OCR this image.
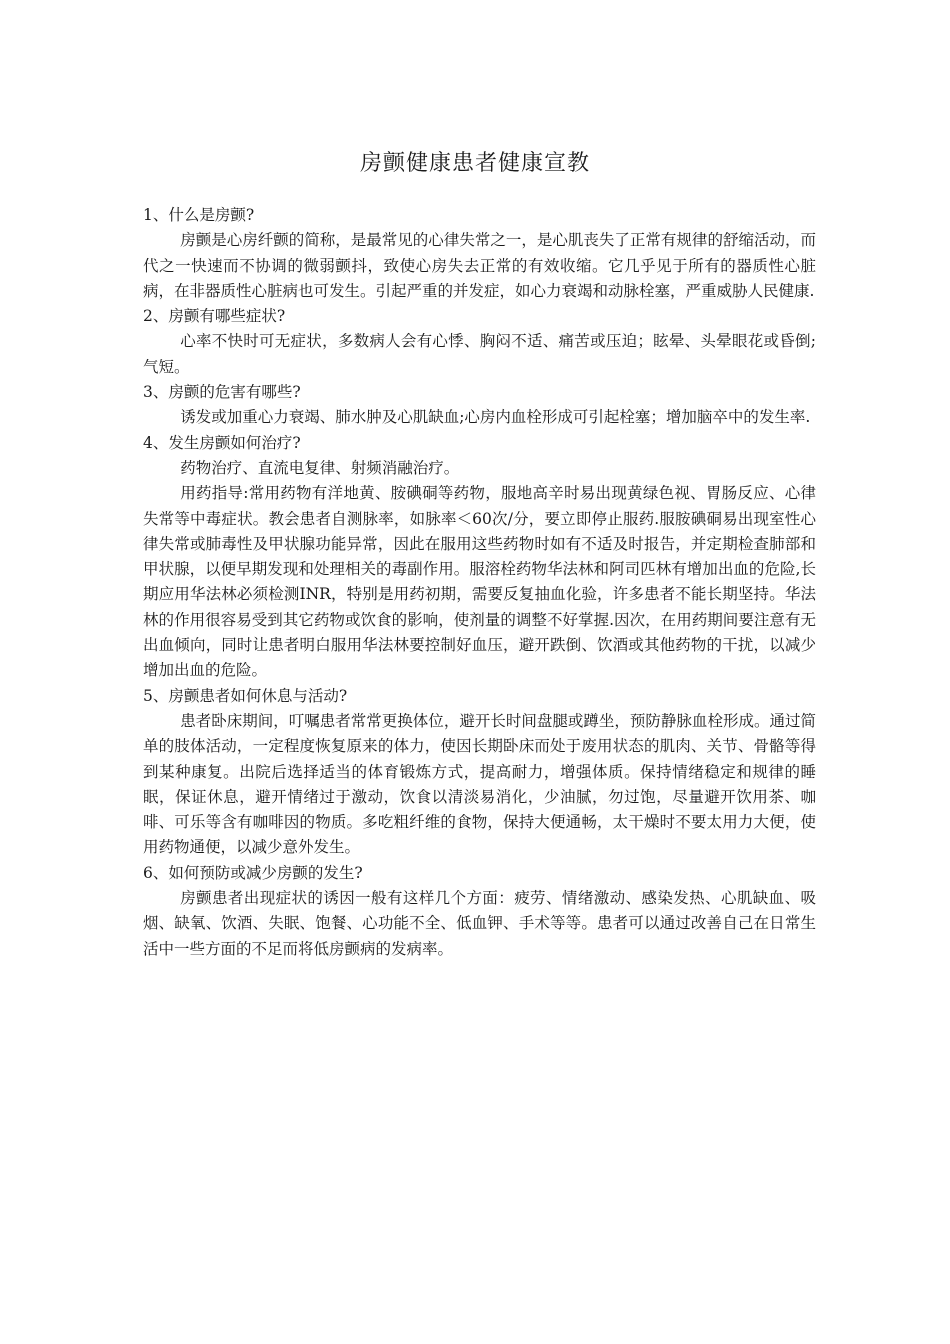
房颤健康患者健康宣教

1、什么是房颤?

房颤是心房纤颤的简称，是最常见的心律失常之一，是心肌丧失了正常有规律的舒缩活动，而代之一快速而不协调的微弱颤抖，致使心房失去正常的有效收缩。它几乎见于所有的器质性心脏病，在非器质性心脏病也可发生。引起严重的并发症，如心力衰竭和动脉栓塞，严重威胁人民健康.

2、房颤有哪些症状?

心率不快时可无症状，多数病人会有心悸、胸闷不适、痛苦或压迫；眩晕、头晕眼花或昏倒;气短。

3、房颤的危害有哪些?

诱发或加重心力衰竭、肺水肿及心肌缺血;心房内血栓形成可引起栓塞；增加脑卒中的发生率.

4、发生房颤如何治疗?

药物治疗、直流电复律、射频消融治疗。

用药指导:常用药物有洋地黄、胺碘硐等药物，服地高辛时易出现黄绿色视、胃肠反应、心律失常等中毒症状。教会患者自测脉率，如脉率＜60次/分，要立即停止服药.服胺碘硐易出现室性心律失常或肺毒性及甲状腺功能异常，因此在服用这些药物时如有不适及时报告，并定期检查肺部和甲状腺，以便早期发现和处理相关的毒副作用。服溶栓药物华法林和阿司匹林有增加出血的危险,长期应用华法林必须检测INR，特别是用药初期，需要反复抽血化验，许多患者不能长期坚持。华法林的作用很容易受到其它药物或饮食的影响，使剂量的调整不好掌握.因次，在用药期间要注意有无出血倾向，同时让患者明白服用华法林要控制好血压，避开跌倒、饮酒或其他药物的干扰，以减少增加出血的危险。

5、房颤患者如何休息与活动?

患者卧床期间，叮嘱患者常常更换体位，避开长时间盘腿或蹲坐，预防静脉血栓形成。通过简单的肢体活动，一定程度恢复原来的体力，使因长期卧床而处于废用状态的肌肉、关节、骨骼等得到某种康复。出院后选择适当的体育锻炼方式，提高耐力，增强体质。保持情绪稳定和规律的睡眠，保证休息，避开情绪过于激动，饮食以清淡易消化，少油腻，勿过饱，尽量避开饮用茶、咖啡、可乐等含有咖啡因的物质。多吃粗纤维的食物，保持大便通畅，太干燥时不要太用力大便，使用药物通便，以减少意外发生。

6、如何预防或减少房颤的发生?

房颤患者出现症状的诱因一般有这样几个方面：疲劳、情绪激动、感染发热、心肌缺血、吸烟、缺氧、饮酒、失眠、饱餐、心功能不全、低血钾、手术等等。患者可以通过改善自己在日常生活中一些方面的不足而将低房颤病的发病率。
